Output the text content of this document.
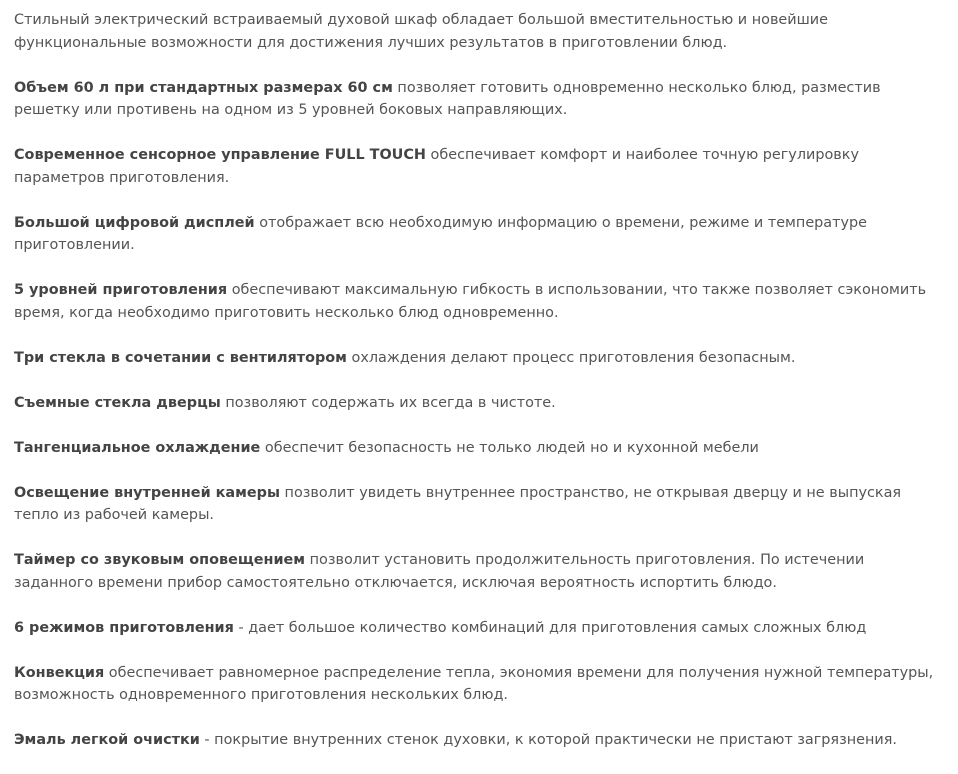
Стильный электрический встраиваемый духовой шкаф обладает большой вместительностью и новейшие функциональные возможности для достижения лучших результатов в приготовлении блюд.

Объем 60 л при стандартных размерах 60 см позволяет готовить одновременно несколько блюд, разместив решетку или противень на одном из 5 уровней боковых направляющих.

Современное сенсорное управление FULL TOUCH обеспечивает комфорт и наиболее точную регулировку параметров приготовления.

Большой цифровой дисплей отображает всю необходимую информацию о времени, режиме и температуре приготовлении.

5 уровней приготовления обеспечивают максимальную гибкость в использовании, что также позволяет сэкономить время, когда необходимо приготовить несколько блюд одновременно.

Три стекла в сочетании с вентилятором охлаждения делают процесс приготовления безопасным.

Съемные стекла дверцы позволяют содержать их всегда в чистоте.

Тангенциальное охлаждение обеспечит безопасность не только людей но и кухонной мебели

Освещение внутренней камеры позволит увидеть внутреннее пространство, не открывая дверцу и не выпуская тепло из рабочей камеры.

Таймер со звуковым оповещением позволит установить продолжительность приготовления. По истечении заданного времени прибор самостоятельно отключается, исключая вероятность испортить блюдо.

6 режимов приготовления - дает большое количество комбинаций для приготовления самых сложных блюд

Конвекция обеспечивает равномерное распределение тепла, экономия времени для получения нужной температуры, возможность одновременного приготовления нескольких блюд.

Эмаль легкой очистки - покрытие внутренних стенок духовки, к которой практически не пристают загрязнения.
